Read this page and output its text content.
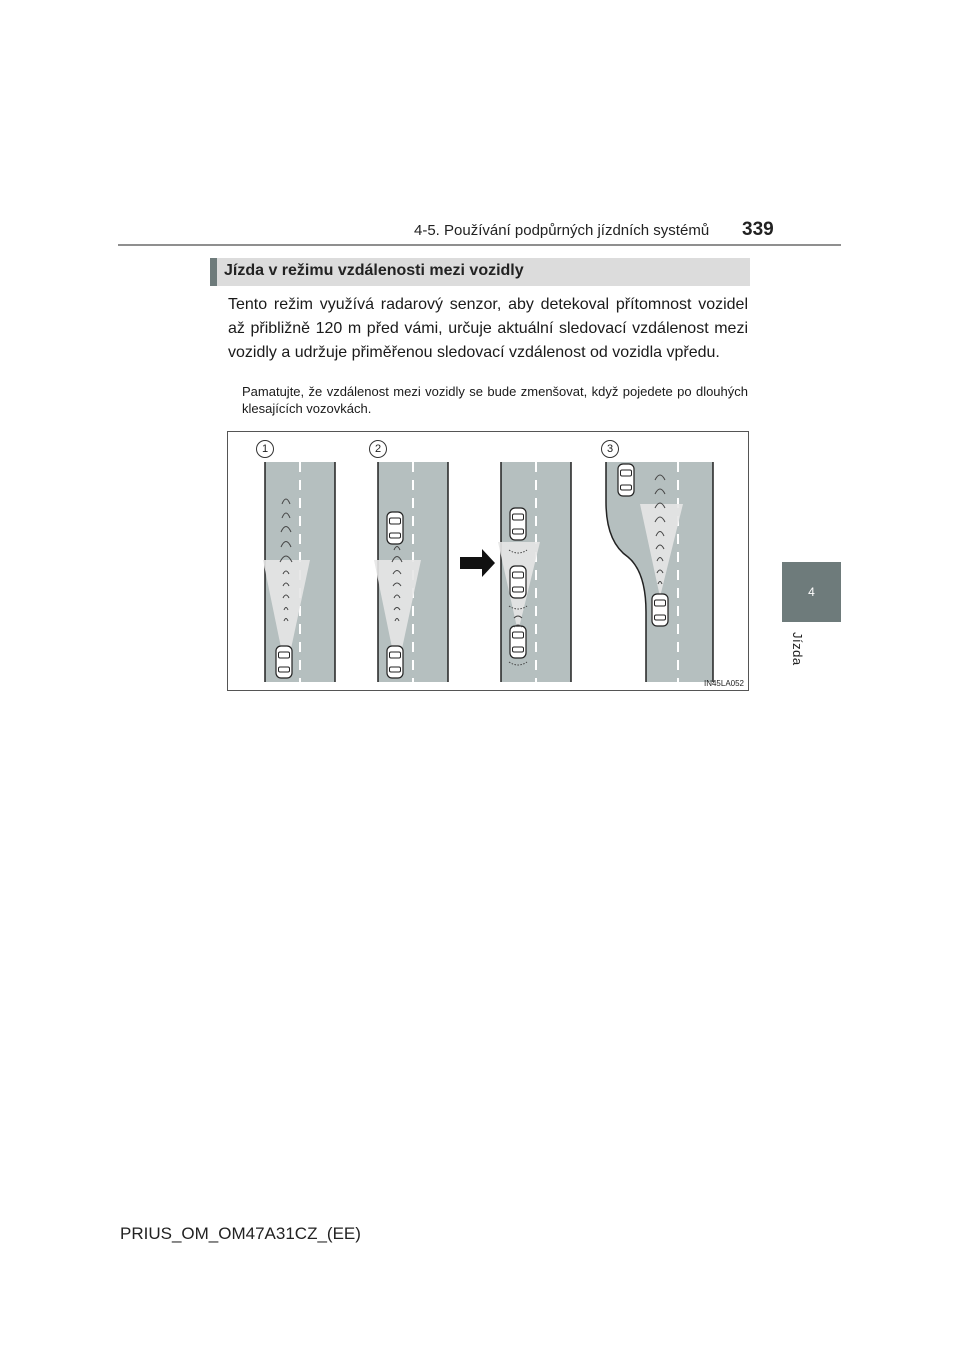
4-5. Používání podpůrných jízdních systémů 339
4
Jízda
Jízda v režimu vzdálenosti mezi vozidly
Tento režim využívá radarový senzor, aby detekoval přítomnost vozidel až přibližně 120 m před vámi, určuje aktuální sledovací vzdálenost mezi vozidly a udržuje přiměřenou sledovací vzdálenost od vozidla vpředu.
Pamatujte, že vzdálenost mezi vozidly se bude zmenšovat, když pojedete po dlouhých klesajících vozovkách.
1	2	3
IN45LA052
PRIUS_OM_OM47A31CZ_(EE)
